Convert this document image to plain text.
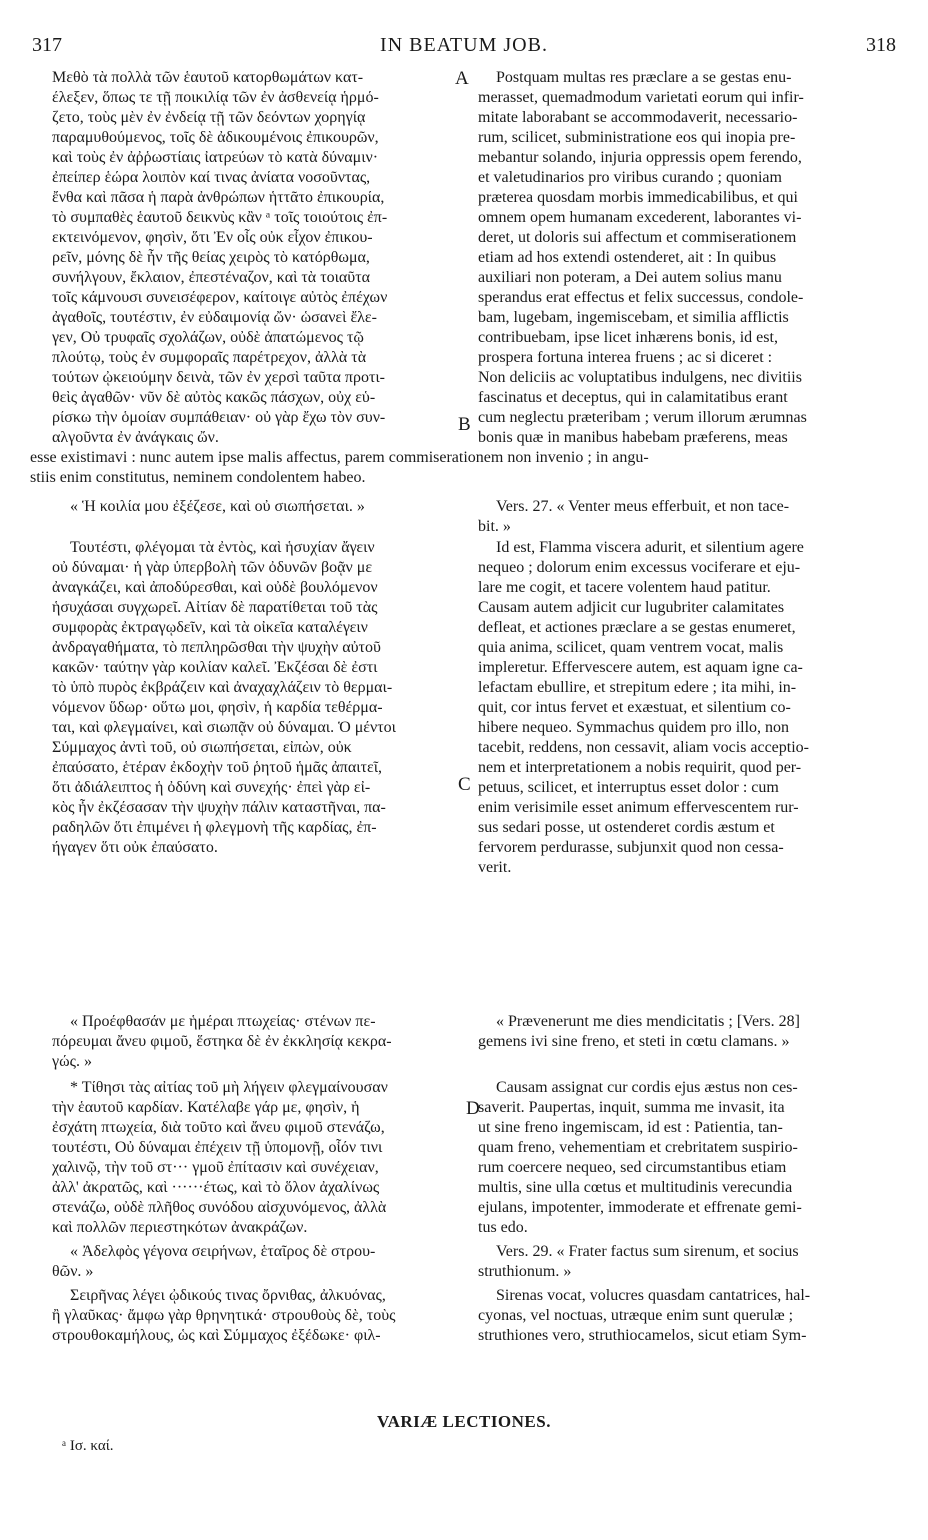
317	IN BEATUM JOB.	318
A
B
C
D

Μεθὸ τὰ πολλὰ τῶν ἑαυτοῦ κατορθωμάτων κατ-

έλεξεν, ὅπως τε τῇ ποικιλίᾳ τῶν ἐν ἀσθενείᾳ ἡρμό-

ζετο, τοὺς μὲν ἐν ἐνδείᾳ τῇ τῶν δεόντων χορηγίᾳ

παραμυθούμενος, τοῖς δὲ ἀδικουμένοις ἐπικουρῶν,

καὶ τοὺς ἐν ἀῤῥωστίαις ἰατρεύων τὸ κατὰ δύναμιν·

ἐπείπερ ἑώρα λοιπὸν καί τινας ἀνίατα νοσοῦντας,

ἔνθα καὶ πᾶσα ἡ παρὰ ἀνθρώπων ἡττᾶτο ἐπικουρία,

τὸ συμπαθὲς ἑαυτοῦ δεικνὺς κἂν ᵃ τοῖς τοιούτοις ἐπ-

εκτεινόμενον, φησὶν, ὅτι Ἐν οἷς οὐκ εἶχον ἐπικου-

ρεῖν, μόνης δὲ ἦν τῆς θείας χειρὸς τὸ κατόρθωμα,

συνήλγουν, ἔκλαιον, ἐπεστέναζον, καὶ τὰ τοιαῦτα

τοῖς κάμνουσι συνεισέφερον, καίτοιγε αὐτὸς ἐπέχων

ἀγαθοῖς, τουτέστιν, ἐν εὐδαιμονίᾳ ὤν· ὡσανεὶ ἔλε-

γεν, Οὐ τρυφαῖς σχολάζων, οὐδὲ ἀπατώμενος τῷ

πλούτῳ, τοὺς ἐν συμφοραῖς παρέτρεχον, ἀλλὰ τὰ

τούτων ᾠκειούμην δεινὰ, τῶν ἐν χερσὶ ταῦτα προτι-

θεὶς ἀγαθῶν· νῦν δὲ αὐτὸς κακῶς πάσχων, οὐχ εὑ-

ρίσκω τὴν ὁμοίαν συμπάθειαν· οὐ γὰρ ἔχω τὸν συν-

αλγοῦντα ἐν ἀνάγκαις ὤν.

Postquam multas res præclare a se gestas enu-

merasset, quemadmodum varietati eorum qui infir-

mitate laborabant se accommodaverit, necessario-

rum, scilicet, subministratione eos qui inopia pre-

mebantur solando, injuria oppressis opem ferendo,

et valetudinarios pro viribus curando ; quoniam

præterea quosdam morbis immedicabilibus, et qui

omnem opem humanam excederent, laborantes vi-

deret, ut doloris sui affectum et commiserationem

etiam ad hos extendi ostenderet, ait : In quibus

auxiliari non poteram, a Dei autem solius manu

sperandus erat effectus et felix successus, condole-

bam, lugebam, ingemiscebam, et similia afflictis

contribuebam, ipse licet inhærens bonis, id est,

prospera fortuna interea fruens ; ac si diceret :

Non deliciis ac voluptatibus indulgens, nec divitiis

fascinatus et deceptus, qui in calamitatibus erant

cum neglectu præteribam ; verum illorum ærumnas

bonis quæ in manibus habebam præferens, meas

esse existimavi : nunc autem ipse malis affectus, parem commiserationem non invenio ; in angu-

stiis enim constitutus, neminem condolentem habeo.

« Ἡ κοιλία μου ἐξέζεσε, καὶ οὐ σιωπήσεται. »	Vers. 27. « Venter meus efferbuit, et non tace-

bit. »

Τουτέστι, φλέγομαι τὰ ἐντὸς, καὶ ἡσυχίαν ἄγειν

οὐ δύναμαι· ἡ γὰρ ὑπερβολὴ τῶν ὀδυνῶν βοᾷν με

ἀναγκάζει, καὶ ἀποδύρεσθαι, καὶ οὐδὲ βουλόμενον

ἡσυχάσαι συγχωρεῖ. Αἰτίαν δὲ παρατίθεται τοῦ τὰς

συμφορὰς ἐκτραγῳδεῖν, καὶ τὰ οἰκεῖα καταλέγειν

ἀνδραγαθήματα, τὸ πεπληρῶσθαι τὴν ψυχὴν αὐτοῦ

κακῶν· ταύτην γὰρ κοιλίαν καλεῖ. Ἐκζέσαι δὲ ἐστι

τὸ ὑπὸ πυρὸς ἐκβράζειν καὶ ἀναχαχλάζειν τὸ θερμαι-

νόμενον ὕδωρ· οὕτω μοι, φησὶν, ἡ καρδία τεθέρμα-

ται, καὶ φλεγμαίνει, καὶ σιωπᾷν οὐ δύναμαι. Ὁ μέντοι

Σύμμαχος ἀντὶ τοῦ, οὐ σιωπήσεται, εἰπὼν, οὐκ

ἐπαύσατο, ἑτέραν ἐκδοχὴν τοῦ ῥητοῦ ἡμᾶς ἀπαιτεῖ,

ὅτι ἀδιάλειπτος ἡ ὀδύνη καὶ συνεχής· ἐπεὶ γὰρ εἰ-

κὸς ἦν ἐκζέσασαν τὴν ψυχὴν πάλιν καταστῆναι, πα-

ραδηλῶν ὅτι ἐπιμένει ἡ φλεγμονὴ τῆς καρδίας, ἐπ-

ήγαγεν ὅτι οὐκ ἐπαύσατο.

Id est, Flamma viscera adurit, et silentium agere

nequeo ; dolorum enim excessus vociferare et eju-

lare me cogit, et tacere volentem haud patitur.

Causam autem adjicit cur lugubriter calamitates

defleat, et actiones præclare a se gestas enumeret,

quia anima, scilicet, quam ventrem vocat, malis

impleretur. Effervescere autem, est aquam igne ca-

lefactam ebullire, et strepitum edere ; ita mihi, in-

quit, cor intus fervet et exæstuat, et silentium co-

hibere nequeo. Symmachus quidem pro illo, non

tacebit, reddens, non cessavit, aliam vocis acceptio-

nem et interpretationem a nobis requirit, quod per-

petuus, scilicet, et interruptus esset dolor : cum

enim verisimile esset animum effervescentem rur-

sus sedari posse, ut ostenderet cordis æstum et

fervorem perdurasse, subjunxit quod non cessa-

verit.

« Προέφθασάν με ἡμέραι πτωχείας· στένων πε-

πόρευμαι ἄνευ φιμοῦ, ἕστηκα δὲ ἐν ἐκκλησίᾳ κεκρα-

γώς. »

« Prævenerunt me dies mendicitatis ; [Vers. 28]

gemens ivi sine freno, et steti in cœtu clamans. »

* Τίθησι τὰς αἰτίας τοῦ μὴ λήγειν φλεγμαίνουσαν

τὴν ἑαυτοῦ καρδίαν. Κατέλαβε γάρ με, φησὶν, ἡ

ἐσχάτη πτωχεία, διὰ τοῦτο καὶ ἄνευ φιμοῦ στενάζω,

τουτέστι, Οὐ δύναμαι ἐπέχειν τῇ ὑπομονῇ, οἷόν τινι

χαλινῷ, τὴν τοῦ στ··· γμοῦ ἐπίτασιν καὶ συνέχειαν,

ἀλλ' ἀκρατῶς, καὶ ······έτως, καὶ τὸ ὅλον ἀχαλίνως

στενάζω, οὐδὲ πλῆθος συνόδου αἰσχυνόμενος, ἀλλὰ

καὶ πολλῶν περιεστηκότων ἀνακράζων.

Causam assignat cur cordis ejus æstus non ces-

saverit. Paupertas, inquit, summa me invasit, ita

ut sine freno ingemiscam, id est : Patientia, tan-

quam freno, vehementiam et crebritatem suspirio-

rum coercere nequeo, sed circumstantibus etiam

multis, sine ulla cœtus et multitudinis verecundia

ejulans, impotenter, immoderate et effrenate gemi-

tus edo.

« Ἀδελφὸς γέγονα σειρήνων, ἑταῖρος δὲ στρου-

θῶν. »

Vers. 29. « Frater factus sum sirenum, et socius

struthionum. »

Σειρῆνας λέγει ᾠδικούς τινας ὄρνιθας, ἀλκυόνας,

ἢ γλαῦκας· ἄμφω γὰρ θρηνητικά· στρουθοὺς δὲ, τοὺς

στρουθοκαμήλους, ὡς καὶ Σύμμαχος ἐξέδωκε· φιλ-

Sirenas vocat, volucres quasdam cantatrices, hal-

cyonas, vel noctuas, utræque enim sunt querulæ ;

struthiones vero, struthiocamelos, sicut etiam Sym-

VARIÆ LECTIONES.
ᵃ Ισ. καί.
